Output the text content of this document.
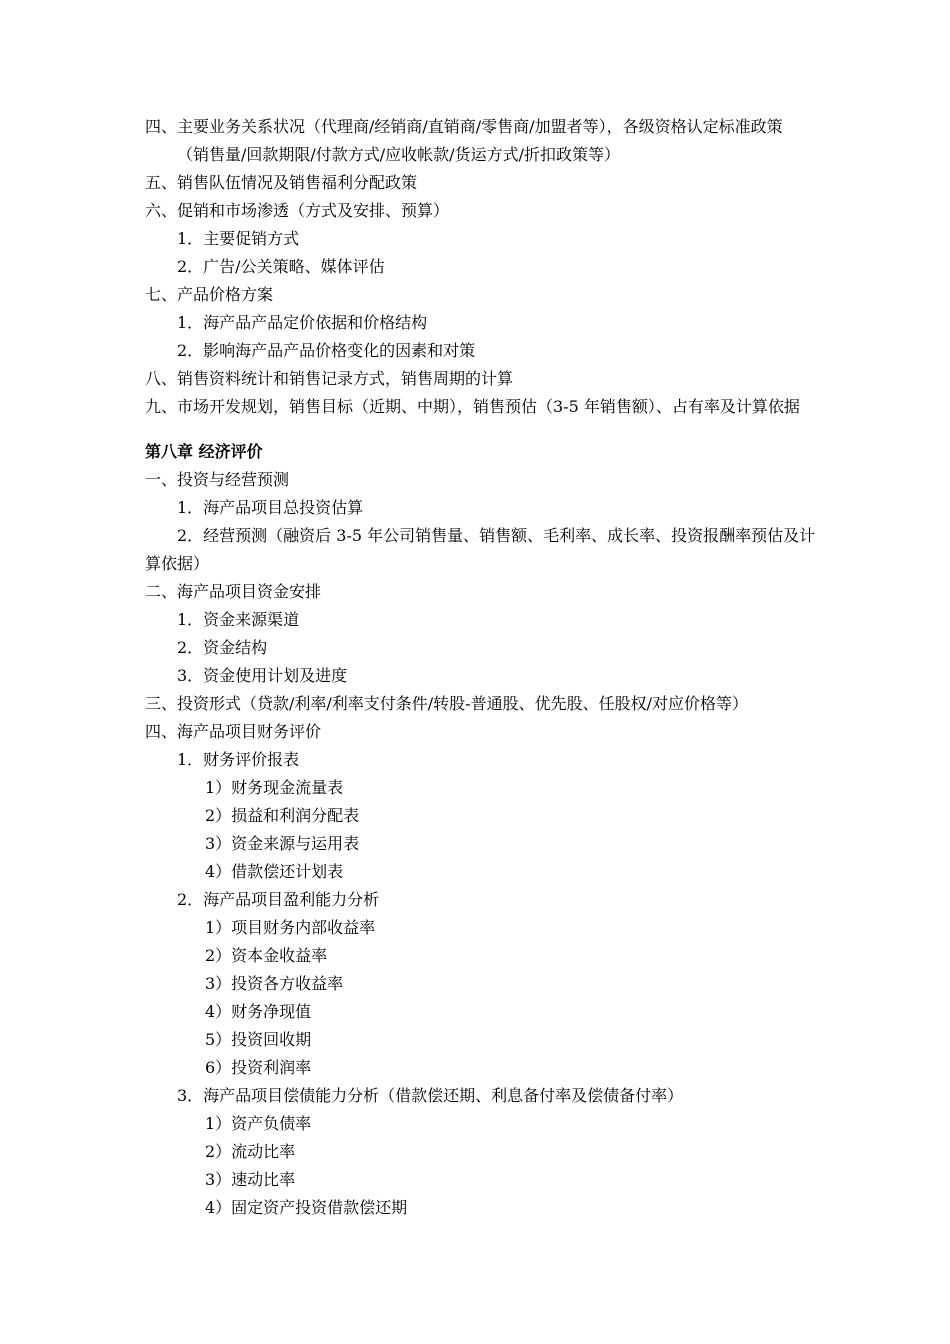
四、主要业务关系状况（代理商/经销商/直销商/零售商/加盟者等），各级资格认定标准政策
（销售量/回款期限/付款方式/应收帐款/货运方式/折扣政策等）
五、销售队伍情况及销售福利分配政策
六、促销和市场渗透（方式及安排、预算）
1．主要促销方式
2．广告/公关策略、媒体评估
七、产品价格方案
1．海产品产品定价依据和价格结构
2．影响海产品产品价格变化的因素和对策
八、销售资料统计和销售记录方式，销售周期的计算
九、市场开发规划，销售目标（近期、中期），销售预估（3-5 年销售额）、占有率及计算依据
第八章 经济评价
一、投资与经营预测
1．海产品项目总投资估算
2．经营预测（融资后 3-5 年公司销售量、销售额、毛利率、成长率、投资报酬率预估及计
算依据）
二、海产品项目资金安排
1．资金来源渠道
2．资金结构
3．资金使用计划及进度
三、投资形式（贷款/利率/利率支付条件/转股-普通股、优先股、任股权/对应价格等）
四、海产品项目财务评价
1．财务评价报表
1）财务现金流量表
2）损益和利润分配表
3）资金来源与运用表
4）借款偿还计划表
2．海产品项目盈利能力分析
1）项目财务内部收益率
2）资本金收益率
3）投资各方收益率
4）财务净现值
5）投资回收期
6）投资利润率
3．海产品项目偿债能力分析（借款偿还期、利息备付率及偿债备付率）
1）资产负债率
2）流动比率
3）速动比率
4）固定资产投资借款偿还期
